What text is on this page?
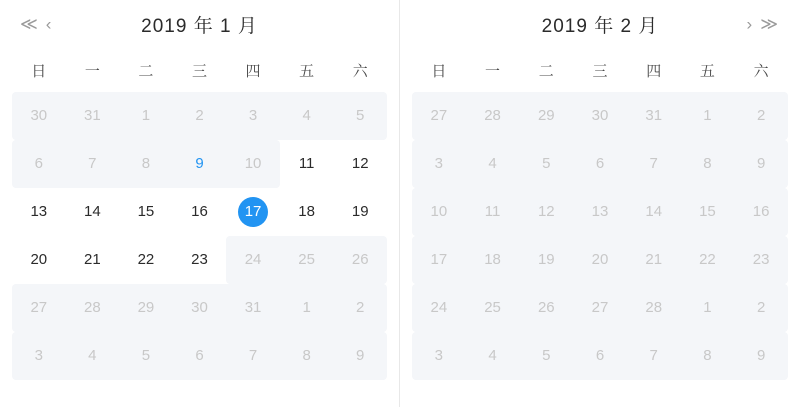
≪ ‹	2019 年 1 月
日	一	二	三	四	五	六
30	31	1	2	3	4	5
6	7	8	9	10	11	12
13	14	15	16	17	18	19
20	21	22	23	24	25	26
27	28	29	30	31	1	2
3	4	5	6	7	8	9
2019 年 2 月	› ≫
日	一	二	三	四	五	六
27	28	29	30	31	1	2
3	4	5	6	7	8	9
10	11	12	13	14	15	16
17	18	19	20	21	22	23
24	25	26	27	28	1	2
3	4	5	6	7	8	9
